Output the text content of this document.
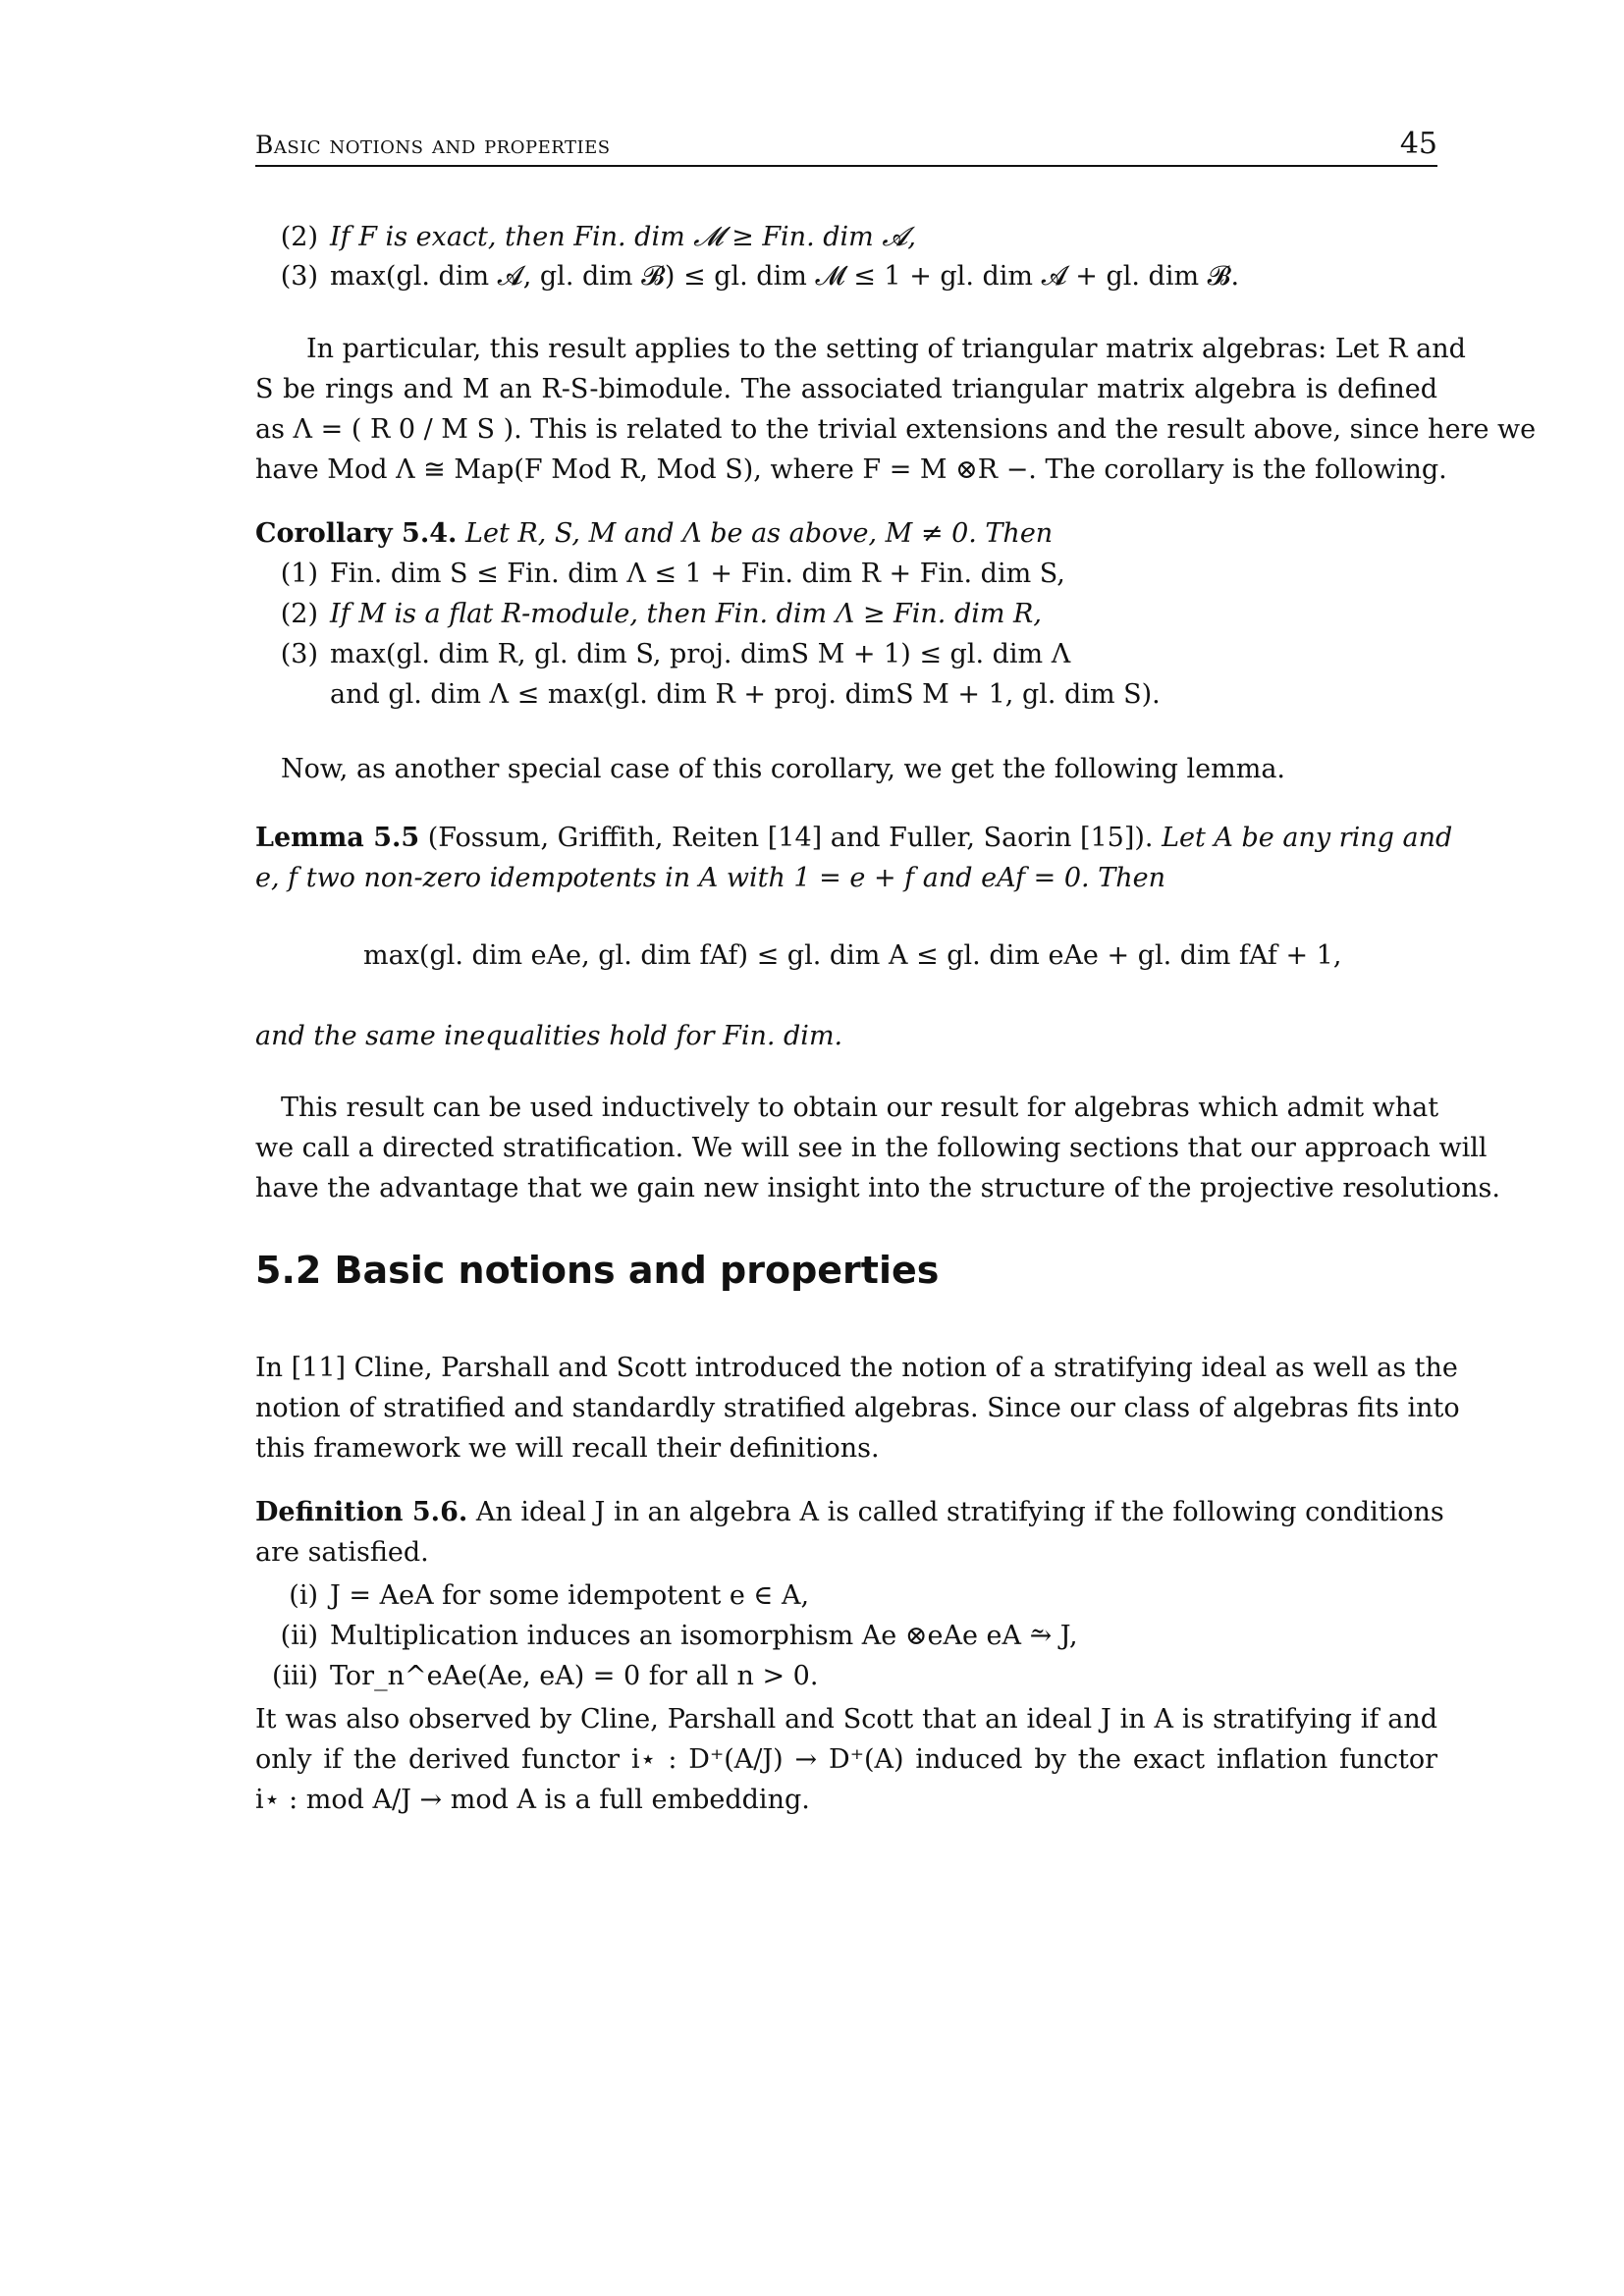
Basic notions and properties	45
(2) If F is exact, then Fin. dim 𝓜 ≥ Fin. dim 𝓐,
(3) max(gl. dim 𝓐, gl. dim 𝓑) ≤ gl. dim 𝓜 ≤ 1 + gl. dim 𝓐 + gl. dim 𝓑.
In particular, this result applies to the setting of triangular matrix algebras: Let R and
S be rings and M an R-S-bimodule. The associated triangular matrix algebra is defined
as Λ = ( R 0 / M S ). This is related to the trivial extensions and the result above, since here we
have Mod Λ ≅ Map(F Mod R, Mod S), where F = M ⊗R −. The corollary is the following.
Corollary 5.4. Let R, S, M and Λ be as above, M ≠ 0. Then
(1) Fin. dim S ≤ Fin. dim Λ ≤ 1 + Fin. dim R + Fin. dim S,
(2) If M is a flat R-module, then Fin. dim Λ ≥ Fin. dim R,
(3) max(gl. dim R, gl. dim S, proj. dimS M + 1) ≤ gl. dim Λ
and gl. dim Λ ≤ max(gl. dim R + proj. dimS M + 1, gl. dim S).
Now, as another special case of this corollary, we get the following lemma.
Lemma 5.5 (Fossum, Griffith, Reiten [14] and Fuller, Saorin [15]). Let A be any ring and
e, f two non-zero idempotents in A with 1 = e + f and eAf = 0. Then
max(gl. dim eAe, gl. dim fAf) ≤ gl. dim A ≤ gl. dim eAe + gl. dim fAf + 1,
and the same inequalities hold for Fin. dim.
This result can be used inductively to obtain our result for algebras which admit what
we call a directed stratification. We will see in the following sections that our approach will
have the advantage that we gain new insight into the structure of the projective resolutions.
5.2 Basic notions and properties
In [11] Cline, Parshall and Scott introduced the notion of a stratifying ideal as well as the
notion of stratified and standardly stratified algebras. Since our class of algebras fits into
this framework we will recall their definitions.
Definition 5.6. An ideal J in an algebra A is called stratifying if the following conditions
are satisfied.
(i) J = AeA for some idempotent e ∈ A,
(ii) Multiplication induces an isomorphism Ae ⊗eAe eA ⥲ J,
(iii) Tor_n^eAe(Ae, eA) = 0 for all n > 0.
It was also observed by Cline, Parshall and Scott that an ideal J in A is stratifying if and
only if the derived functor i⋆ : D⁺(A/J) → D⁺(A) induced by the exact inflation functor
i⋆ : mod A/J → mod A is a full embedding.
